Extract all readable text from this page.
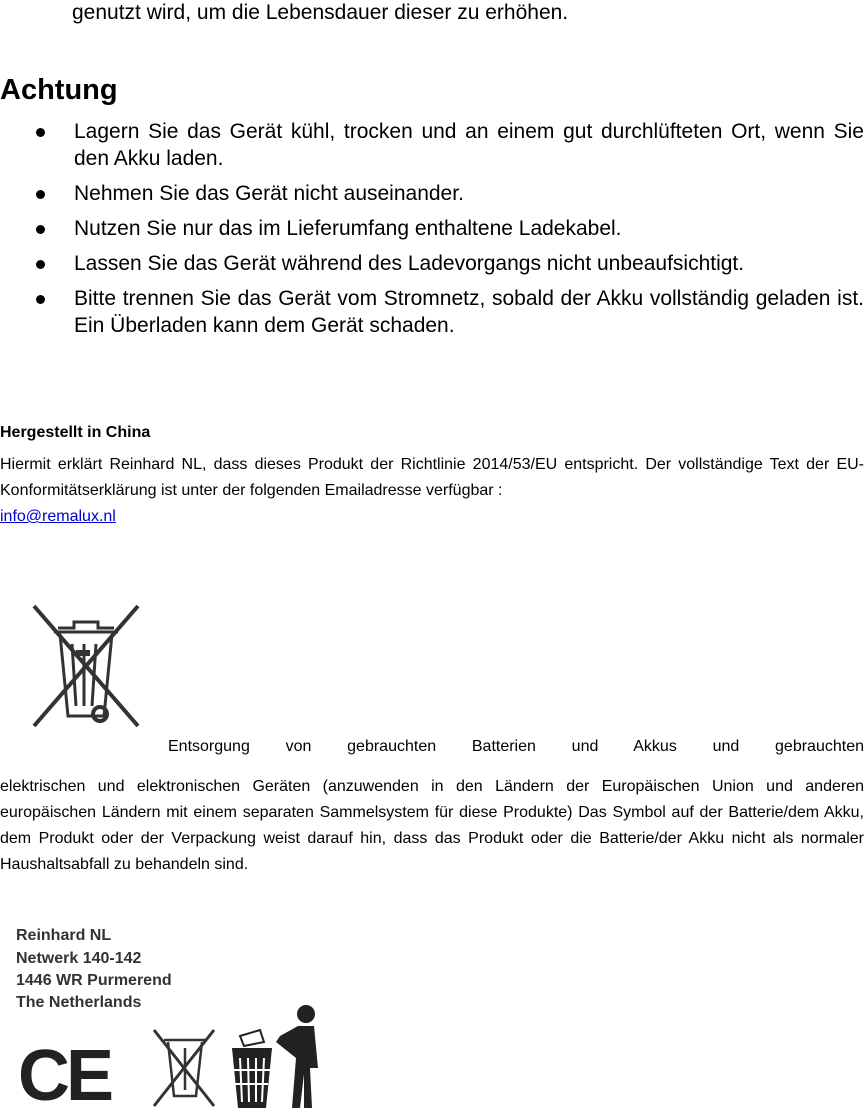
genutzt wird, um die Lebensdauer dieser zu erhöhen.
Achtung
Lagern Sie das Gerät kühl, trocken und an einem gut durchlüfteten Ort, wenn Sie den Akku laden.
Nehmen Sie das Gerät nicht auseinander.
Nutzen Sie nur das im Lieferumfang enthaltene Ladekabel.
Lassen Sie das Gerät während des Ladevorgangs nicht unbeaufsichtigt.
Bitte trennen Sie das Gerät vom Stromnetz, sobald der Akku vollständig geladen ist. Ein Überladen kann dem Gerät schaden.
Hergestellt in China
Hiermit erklärt Reinhard NL, dass dieses Produkt der Richtlinie 2014/53/EU entspricht. Der vollständige Text der EU-Konformitätserklärung ist unter der folgenden Emailadresse verfügbar :
info@remalux.nl
Entsorgung von gebrauchten Batterien und Akkus und gebrauchten
elektrischen und elektronischen Geräten (anzuwenden in den Ländern der Europäischen Union und anderen europäischen Ländern mit einem separaten Sammelsystem für diese Produkte) Das Symbol auf der Batterie/dem Akku, dem Produkt oder der Verpackung weist darauf hin, dass das Produkt oder die Batterie/der Akku nicht als normaler Haushaltsabfall zu behandeln sind.
Reinhard NL
Netwerk 140-142
1446 WR Purmerend
The Netherlands
CE
